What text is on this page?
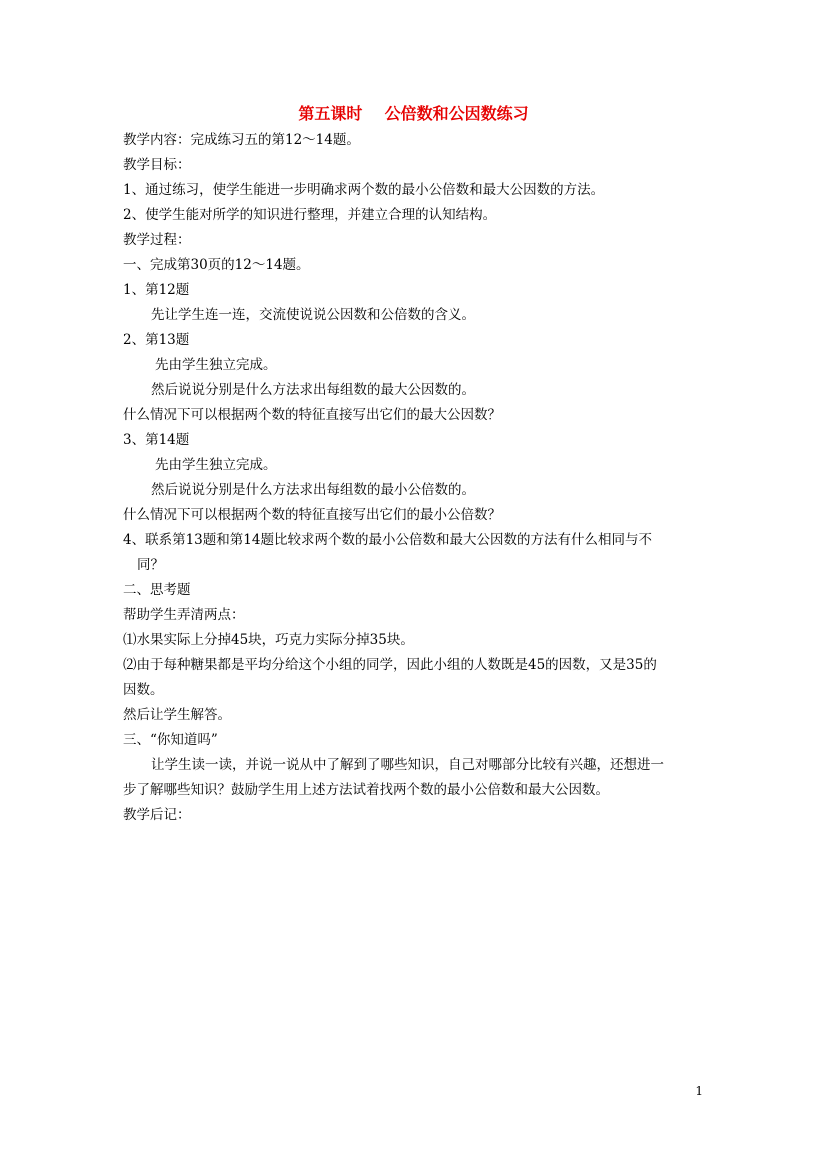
第五课时    公倍数和公因数练习
教学内容：完成练习五的第12～14题。
教学目标：
1、通过练习，使学生能进一步明确求两个数的最小公倍数和最大公因数的方法。
2、使学生能对所学的知识进行整理，并建立合理的认知结构。
教学过程：
一、完成第30页的12～14题。
1、第12题
先让学生连一连，交流使说说公因数和公倍数的含义。
2、第13题
先由学生独立完成。
然后说说分别是什么方法求出每组数的最大公因数的。
什么情况下可以根据两个数的特征直接写出它们的最大公因数？
3、第14题
先由学生独立完成。
然后说说分别是什么方法求出每组数的最小公倍数的。
什么情况下可以根据两个数的特征直接写出它们的最小公倍数？
4、联系第13题和第14题比较求两个数的最小公倍数和最大公因数的方法有什么相同与不
同？
二、思考题
帮助学生弄清两点：
⑴水果实际上分掉45块，巧克力实际分掉35块。
⑵由于每种糖果都是平均分给这个小组的同学，因此小组的人数既是45的因数，又是35的
因数。
然后让学生解答。
三、“你知道吗”
让学生读一读，并说一说从中了解到了哪些知识，自己对哪部分比较有兴趣，还想进一
步了解哪些知识？鼓励学生用上述方法试着找两个数的最小公倍数和最大公因数。
教学后记：
1
